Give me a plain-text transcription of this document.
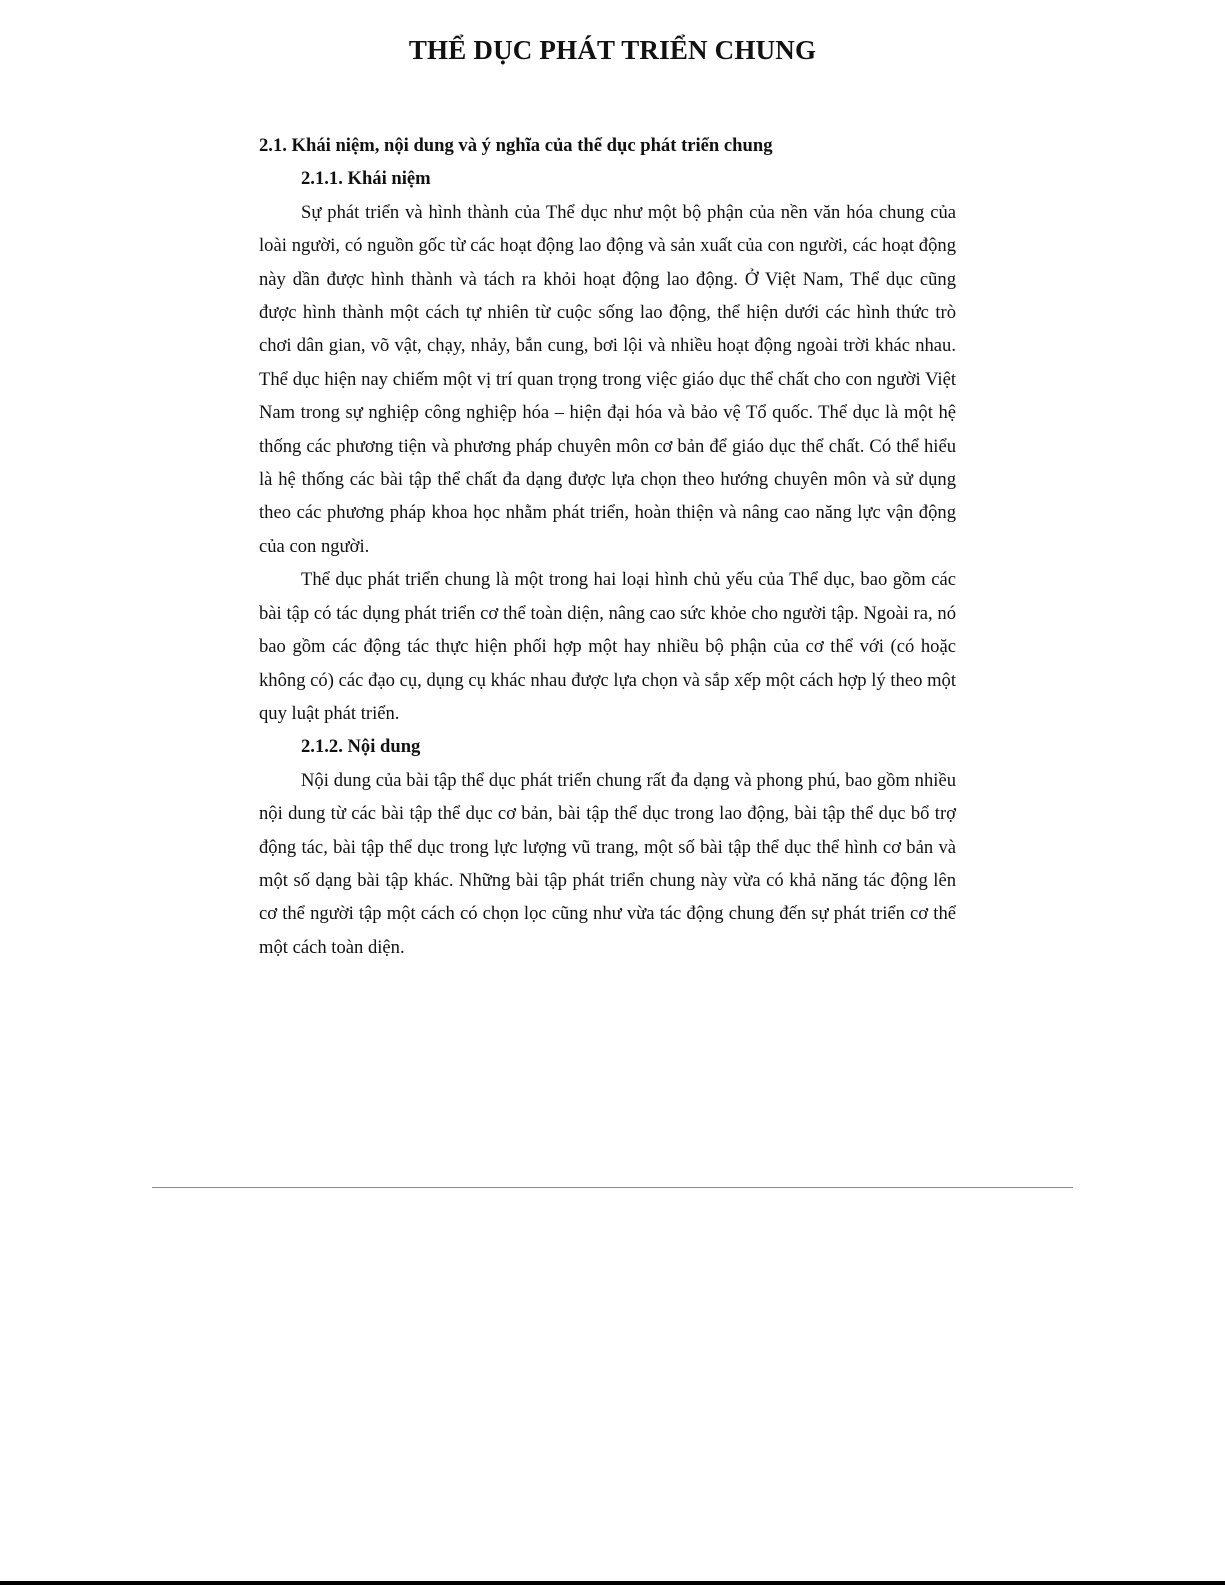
THỂ DỤC PHÁT TRIỂN CHUNG

2.1. Khái niệm, nội dung và ý nghĩa của thể dục phát triển chung

2.1.1. Khái niệm

Sự phát triển và hình thành của Thể dục như một bộ phận của nền văn hóa chung của loài người, có nguồn gốc từ các hoạt động lao động và sản xuất của con người, các hoạt động này dần được hình thành và tách ra khỏi hoạt động lao động. Ở Việt Nam, Thể dục cũng được hình thành một cách tự nhiên từ cuộc sống lao động, thể hiện dưới các hình thức trò chơi dân gian, võ vật, chạy, nhảy, bắn cung, bơi lội và nhiều hoạt động ngoài trời khác nhau. Thể dục hiện nay chiếm một vị trí quan trọng trong việc giáo dục thể chất cho con người Việt Nam trong sự nghiệp công nghiệp hóa – hiện đại hóa và bảo vệ Tổ quốc. Thể dục là một hệ thống các phương tiện và phương pháp chuyên môn cơ bản để giáo dục thể chất. Có thể hiểu là hệ thống các bài tập thể chất đa dạng được lựa chọn theo hướng chuyên môn và sử dụng theo các phương pháp khoa học nhằm phát triển, hoàn thiện và nâng cao năng lực vận động của con người.

Thể dục phát triển chung là một trong hai loại hình chủ yếu của Thể dục, bao gồm các bài tập có tác dụng phát triển cơ thể toàn diện, nâng cao sức khỏe cho người tập. Ngoài ra, nó bao gồm các động tác thực hiện phối hợp một hay nhiều bộ phận của cơ thể với (có hoặc không có) các đạo cụ, dụng cụ khác nhau được lựa chọn và sắp xếp một cách hợp lý theo một quy luật phát triển.

2.1.2. Nội dung

Nội dung của bài tập thể dục phát triển chung rất đa dạng và phong phú, bao gồm nhiều nội dung từ các bài tập thể dục cơ bản, bài tập thể dục trong lao động, bài tập thể dục bổ trợ động tác, bài tập thể dục trong lực lượng vũ trang, một số bài tập thể dục thể hình cơ bản và một số dạng bài tập khác. Những bài tập phát triển chung này vừa có khả năng tác động lên cơ thể người tập một cách có chọn lọc cũng như vừa tác động chung đến sự phát triển cơ thể một cách toàn diện.
